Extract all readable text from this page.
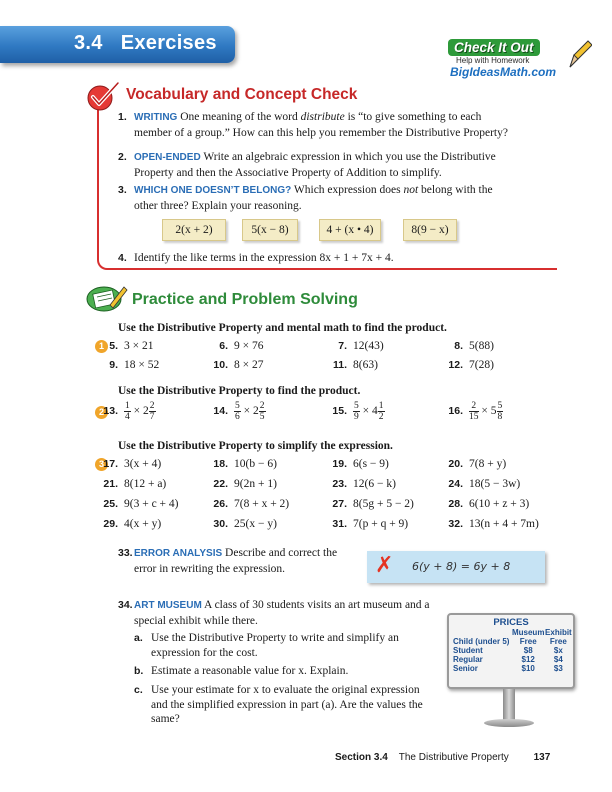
3.4 Exercises	Check It Out
Help with Homework
BigIdeasMath.com
Vocabulary and Concept Check
1. WRITING One meaning of the word distribute is “to give something to each member of a group.” How can this help you remember the Distributive Property?
2. OPEN-ENDED Write an algebraic expression in which you use the Distributive Property and then the Associative Property of Addition to simplify.
3. WHICH ONE DOESN’T BELONG? Which expression does not belong with the other three? Explain your reasoning.
2(x + 2)	5(x − 8)	4 + (x • 4)	8(9 − x)
4. Identify the like terms in the expression 8x + 1 + 7x + 4.
Practice and Problem Solving
Use the Distributive Property and mental math to find the product.
1 5. 3 × 21	6. 9 × 76	7. 12(43)	8. 5(88)
9. 18 × 52	10. 8 × 27	11. 8(63)	12. 7(28)
Use the Distributive Property to find the product.
2 13. $\frac{1}{4} \times 2 \frac{2}{7}$	14. $\frac{5}{6} \times 2 \frac{2}{5}$	15. $\frac{5}{9} \times 4 \frac{1}{2}$	16. $\frac{2}{15} \times 5 \frac{5}{8}$
Use the Distributive Property to simplify the expression.
3 17. 3(x + 4)	18. 10(b − 6)	19. 6(s − 9)	20. 7(8 + y)
21. 8(12 + a)	22. 9(2n + 1)	23. 12(6 − k)	24. 18(5 − 3w)
25. 9(3 + c + 4)	26. 7(8 + x + 2)	27. 8(5g + 5 − 2)	28. 6(10 + z + 3)
29. 4(x + y)	30. 25(x − y)	31. 7(p + q + 9)	32. 13(n + 4 + 7m)
33. ERROR ANALYSIS Describe and correct the error in rewriting the expression.	✗ 6(y + 8) = 6y + 8
34. ART MUSEUM A class of 30 students visits an art museum and a special exhibit while there.
a. Use the Distributive Property to write and simplify an expression for the cost.
b. Estimate a reasonable value for x. Explain.
c. Use your estimate for x to evaluate the original expression and the simplified expression in part (a). Are the values the same?
PRICES
	Museum	Exhibit
Child (under 5)	Free	Free
Student	$8	$x
Regular	$12	$4
Senior	$10	$3
Section 3.4 The Distributive Property 137
